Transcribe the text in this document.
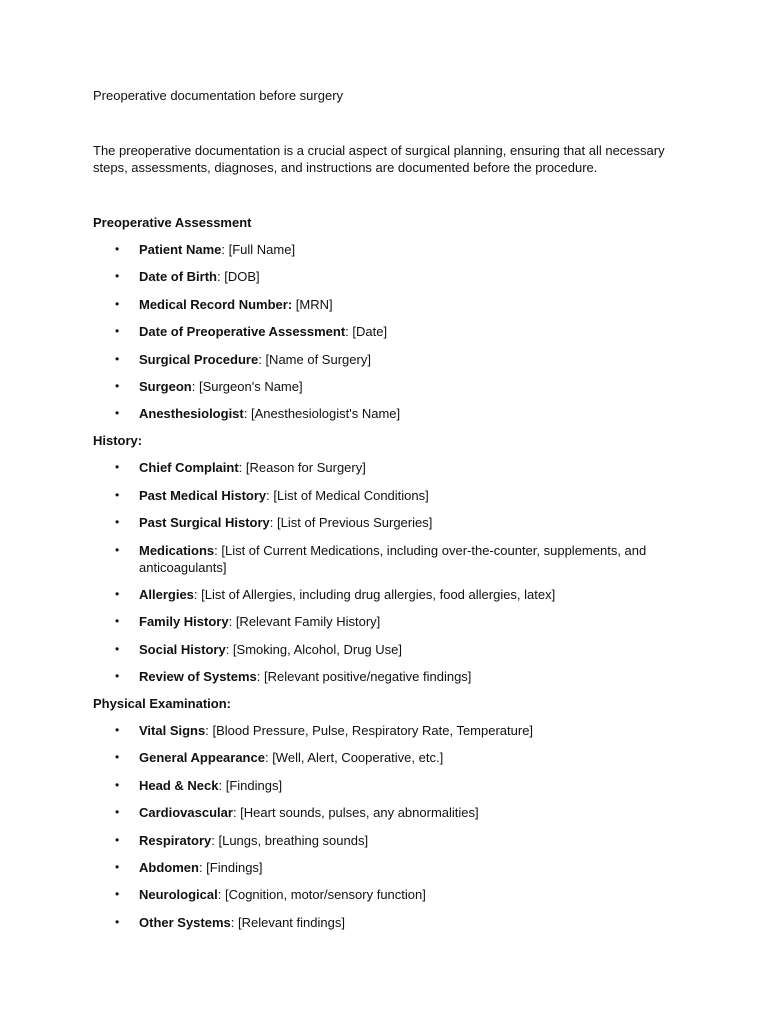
Preoperative documentation before surgery

The preoperative documentation is a crucial aspect of surgical planning, ensuring that all necessary steps, assessments, diagnoses, and instructions are documented before the procedure.

Preoperative Assessment

• Patient Name: [Full Name]
• Date of Birth: [DOB]
• Medical Record Number: [MRN]
• Date of Preoperative Assessment: [Date]
• Surgical Procedure: [Name of Surgery]
• Surgeon: [Surgeon's Name]
• Anesthesiologist: [Anesthesiologist's Name]

History:

• Chief Complaint: [Reason for Surgery]
• Past Medical History: [List of Medical Conditions]
• Past Surgical History: [List of Previous Surgeries]
• Medications: [List of Current Medications, including over-the-counter, supplements, and anticoagulants]
• Allergies: [List of Allergies, including drug allergies, food allergies, latex]
• Family History: [Relevant Family History]
• Social History: [Smoking, Alcohol, Drug Use]
• Review of Systems: [Relevant positive/negative findings]

Physical Examination:

• Vital Signs: [Blood Pressure, Pulse, Respiratory Rate, Temperature]
• General Appearance: [Well, Alert, Cooperative, etc.]
• Head & Neck: [Findings]
• Cardiovascular: [Heart sounds, pulses, any abnormalities]
• Respiratory: [Lungs, breathing sounds]
• Abdomen: [Findings]
• Neurological: [Cognition, motor/sensory function]
• Other Systems: [Relevant findings]
